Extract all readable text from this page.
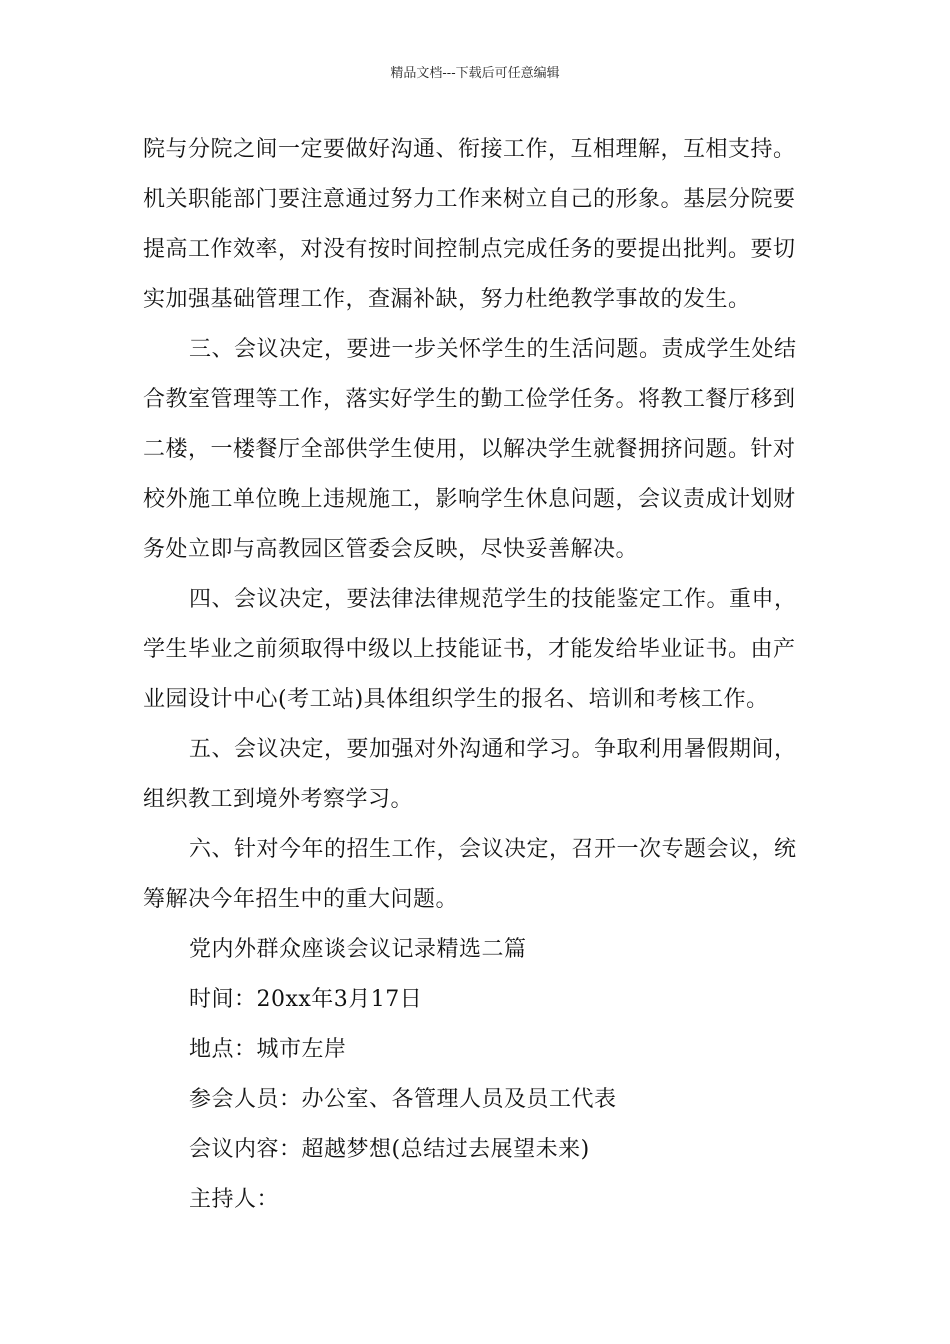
精品文档---下载后可任意编辑
院与分院之间一定要做好沟通、衔接工作，互相理解，互相支持。
机关职能部门要注意通过努力工作来树立自己的形象。基层分院要
提高工作效率，对没有按时间控制点完成任务的要提出批判。要切
实加强基础管理工作，查漏补缺，努力杜绝教学事故的发生。
三、会议决定，要进一步关怀学生的生活问题。责成学生处结
合教室管理等工作，落实好学生的勤工俭学任务。将教工餐厅移到
二楼，一楼餐厅全部供学生使用，以解决学生就餐拥挤问题。针对
校外施工单位晚上违规施工，影响学生休息问题，会议责成计划财
务处立即与高教园区管委会反映，尽快妥善解决。
四、会议决定，要法律法律规范学生的技能鉴定工作。重申，
学生毕业之前须取得中级以上技能证书，才能发给毕业证书。由产
业园设计中心(考工站)具体组织学生的报名、培训和考核工作。
五、会议决定，要加强对外沟通和学习。争取利用暑假期间，
组织教工到境外考察学习。
六、针对今年的招生工作，会议决定，召开一次专题会议，统
筹解决今年招生中的重大问题。
党内外群众座谈会议记录精选二篇
时间：20xx年3月17日
地点：城市左岸
参会人员：办公室、各管理人员及员工代表
会议内容：超越梦想(总结过去展望未来)
主持人：
